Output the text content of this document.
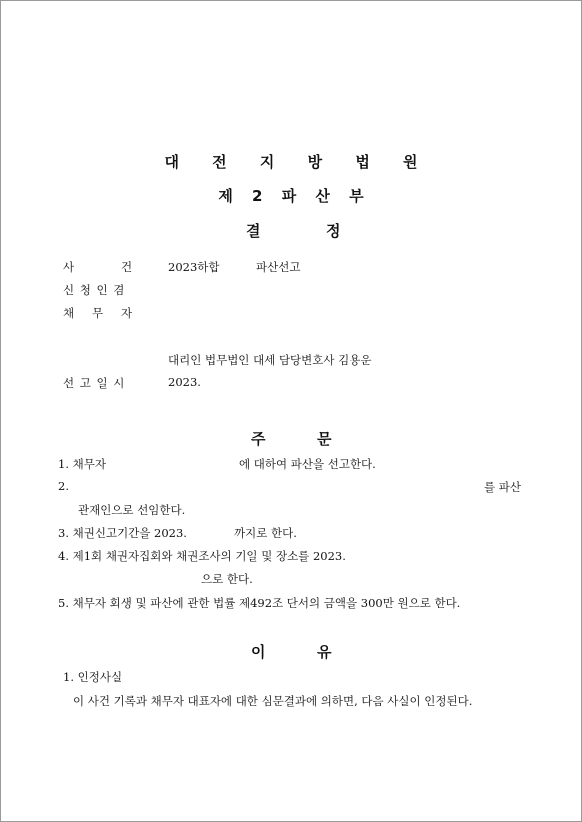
대 전 지 방 법 원
제 2 파 산 부
결	정
사	건	2023하합	파산선고
신 청 인 겸
채 무 자
대리인 법무법인 대세 담당변호사 김용운
선 고 일 시	2023.
주	문
1. 채무자	에 대하여 파산을 선고한다.
2.	를 파산
관재인으로 선임한다.
3. 채권신고기간을 2023.	까지로 한다.
4. 제1회 채권자집회와 채권조사의 기일 및 장소를 2023.
으로 한다.
5. 채무자 회생 및 파산에 관한 법률 제492조 단서의 금액을 300만 원으로 한다.
이	유
1. 인정사실
이 사건 기록과 채무자 대표자에 대한 심문결과에 의하면, 다음 사실이 인정된다.
